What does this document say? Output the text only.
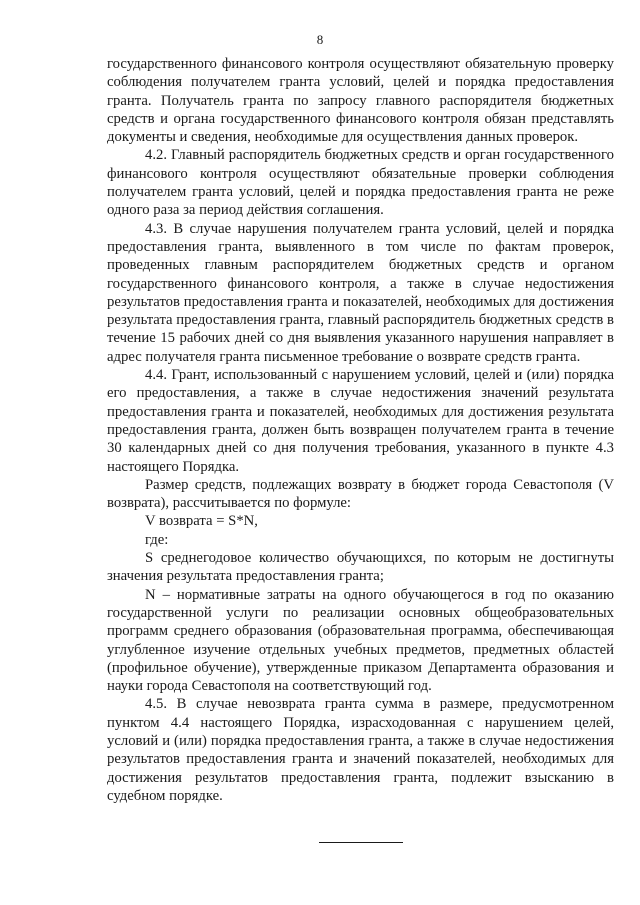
8

государственного финансового контроля осуществляют обязательную проверку соблюдения получателем гранта условий, целей и порядка предоставления гранта. Получатель гранта по запросу главного распорядителя бюджетных средств и органа государственного финансового контроля обязан представлять документы и сведения, необходимые для осуществления данных проверок.

4.2. Главный распорядитель бюджетных средств и орган государственного финансового контроля осуществляют обязательные проверки соблюдения получателем гранта условий, целей и порядка предоставления гранта не реже одного раза за период действия соглашения.

4.3. В случае нарушения получателем гранта условий, целей и порядка предоставления гранта, выявленного в том числе по фактам проверок, проведенных главным распорядителем бюджетных средств и органом государственного финансового контроля, а также в случае недостижения результатов предоставления гранта и показателей, необходимых для достижения результата предоставления гранта, главный распорядитель бюджетных средств в течение 15 рабочих дней со дня выявления указанного нарушения направляет в адрес получателя гранта письменное требование о возврате средств гранта.

4.4. Грант, использованный с нарушением условий, целей и (или) порядка его предоставления, а также в случае недостижения значений результата предоставления гранта и показателей, необходимых для достижения результата предоставления гранта, должен быть возвращен получателем гранта в течение 30 календарных дней со дня получения требования, указанного в пункте 4.3 настоящего Порядка.

Размер средств, подлежащих возврату в бюджет города Севастополя (V возврата), рассчитывается по формуле:

V возврата = S*N,

где:

S среднегодовое количество обучающихся, по которым не достигнуты значения результата предоставления гранта;

N – нормативные затраты на одного обучающегося в год по оказанию государственной услуги по реализации основных общеобразовательных программ среднего образования (образовательная программа, обеспечивающая углубленное изучение отдельных учебных предметов, предметных областей (профильное обучение), утвержденные приказом Департамента образования и науки города Севастополя на соответствующий год.

4.5. В случае невозврата гранта сумма в размере, предусмотренном пунктом 4.4 настоящего Порядка, израсходованная с нарушением целей, условий и (или) порядка предоставления гранта, а также в случае недостижения результатов предоставления гранта и значений показателей, необходимых для достижения результатов предоставления гранта, подлежит взысканию в судебном порядке.
